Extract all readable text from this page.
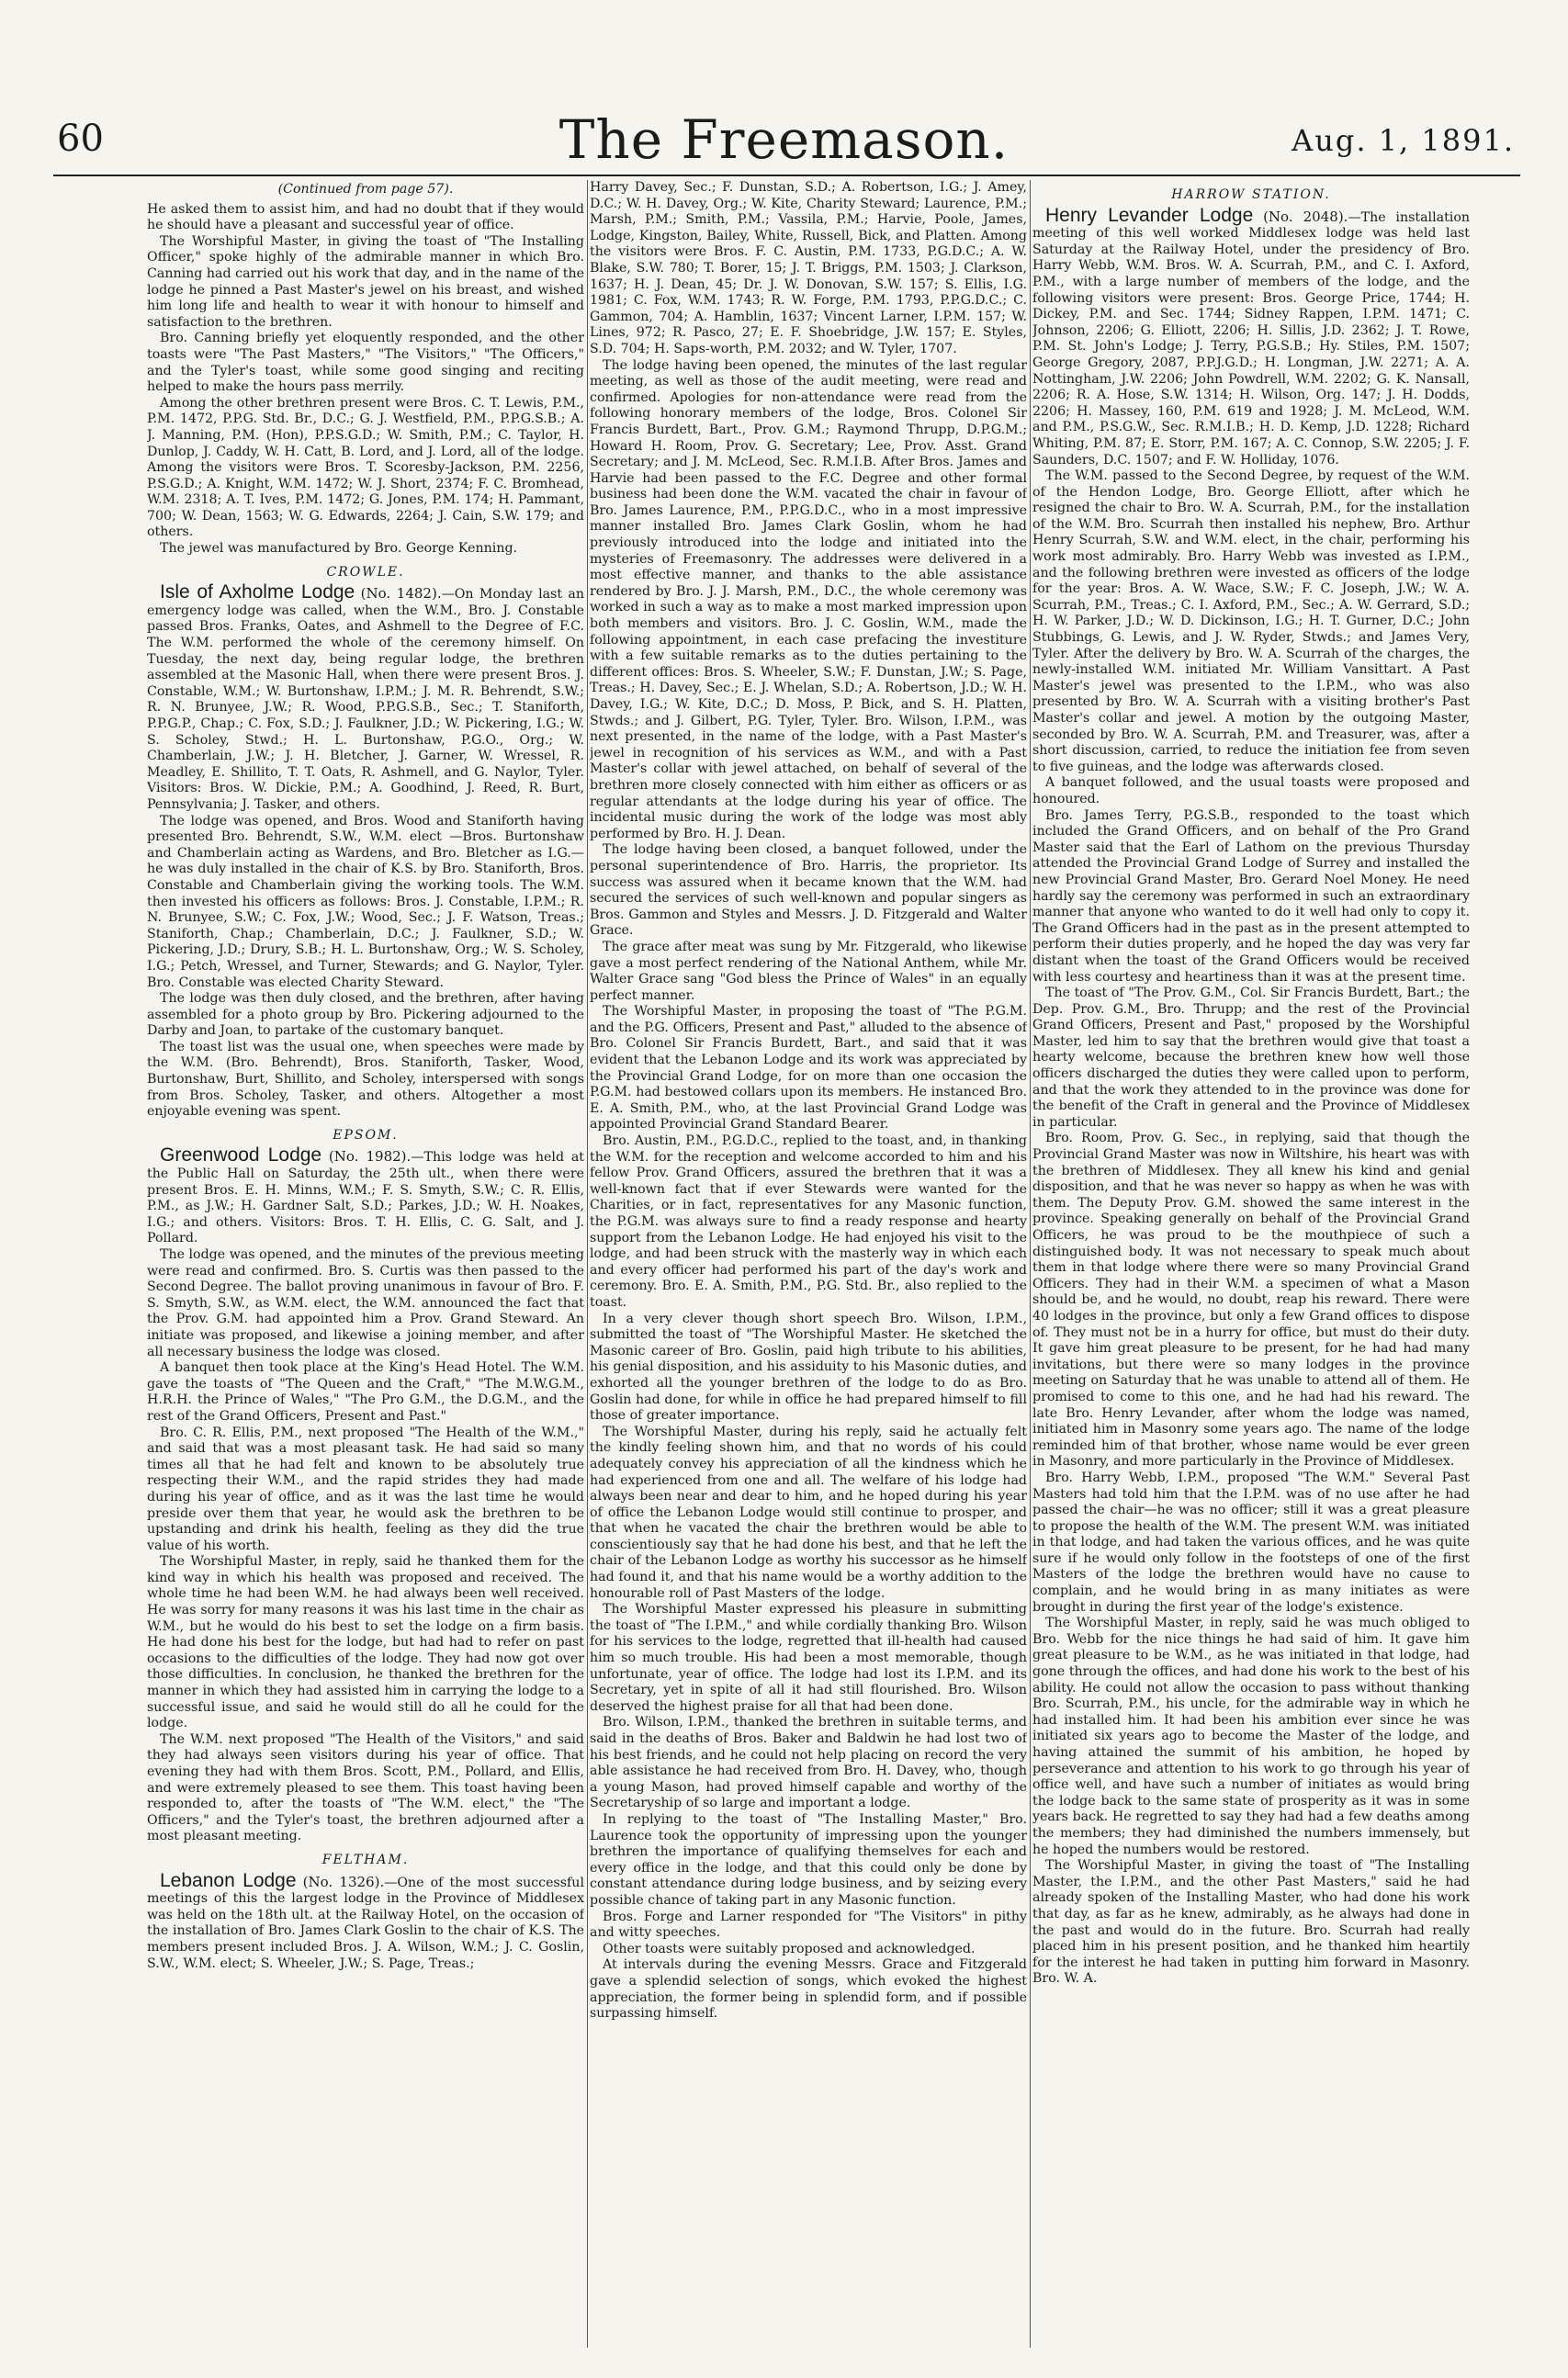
60	The Freemason.	Aug. 1, 1891.
(Continued from page 57).

He asked them to assist him, and had no doubt that if they would he should have a pleasant and successful year of office.

The Worshipful Master, in giving the toast of "The Installing Officer," spoke highly of the admirable manner in which Bro. Canning had carried out his work that day, and in the name of the lodge he pinned a Past Master's jewel on his breast, and wished him long life and health to wear it with honour to himself and satisfaction to the brethren.

Bro. Canning briefly yet eloquently responded, and the other toasts were "The Past Masters," "The Visitors," "The Officers," and the Tyler's toast, while some good singing and reciting helped to make the hours pass merrily.

Among the other brethren present were Bros. C. T. Lewis, P.M., P.M. 1472, P.P.G. Std. Br., D.C.; G. J. Westfield, P.M., P.P.G.S.B.; A. J. Manning, P.M. (Hon), P.P.S.G.D.; W. Smith, P.M.; C. Taylor, H. Dunlop, J. Caddy, W. H. Catt, B. Lord, and J. Lord, all of the lodge. Among the visitors were Bros. T. Scoresby-Jackson, P.M. 2256, P.S.G.D.; A. Knight, W.M. 1472; W. J. Short, 2374; F. C. Bromhead, W.M. 2318; A. T. Ives, P.M. 1472; G. Jones, P.M. 174; H. Pammant, 700; W. Dean, 1563; W. G. Edwards, 2264; J. Cain, S.W. 179; and others.

The jewel was manufactured by Bro. George Kenning.

CROWLE.

Isle of Axholme Lodge (No. 1482).—On Monday last an emergency lodge was called, when the W.M., Bro. J. Constable passed Bros. Franks, Oates, and Ashmell to the Degree of F.C. The W.M. performed the whole of the ceremony himself. On Tuesday, the next day, being regular lodge, the brethren assembled at the Masonic Hall, when there were present Bros. J. Constable, W.M.; W. Burtonshaw, I.P.M.; J. M. R. Behrendt, S.W.; R. N. Brunyee, J.W.; R. Wood, P.P.G.S.B., Sec.; T. Staniforth, P.P.G.P., Chap.; C. Fox, S.D.; J. Faulkner, J.D.; W. Pickering, I.G.; W. S. Scholey, Stwd.; H. L. Burtonshaw, P.G.O., Org.; W. Chamberlain, J.W.; J. H. Bletcher, J. Garner, W. Wressel, R. Meadley, E. Shillito, T. T. Oats, R. Ashmell, and G. Naylor, Tyler. Visitors: Bros. W. Dickie, P.M.; A. Goodhind, J. Reed, R. Burt, Pennsylvania; J. Tasker, and others.

The lodge was opened, and Bros. Wood and Staniforth having presented Bro. Behrendt, S.W., W.M. elect —Bros. Burtonshaw and Chamberlain acting as Wardens, and Bro. Bletcher as I.G.—he was duly installed in the chair of K.S. by Bro. Staniforth, Bros. Constable and Chamberlain giving the working tools. The W.M. then invested his officers as follows: Bros. J. Constable, I.P.M.; R. N. Brunyee, S.W.; C. Fox, J.W.; Wood, Sec.; J. F. Watson, Treas.; Staniforth, Chap.; Chamberlain, D.C.; J. Faulkner, S.D.; W. Pickering, J.D.; Drury, S.B.; H. L. Burtonshaw, Org.; W. S. Scholey, I.G.; Petch, Wressel, and Turner, Stewards; and G. Naylor, Tyler. Bro. Constable was elected Charity Steward.

The lodge was then duly closed, and the brethren, after having assembled for a photo group by Bro. Pickering adjourned to the Darby and Joan, to partake of the customary banquet.

The toast list was the usual one, when speeches were made by the W.M. (Bro. Behrendt), Bros. Staniforth, Tasker, Wood, Burtonshaw, Burt, Shillito, and Scholey, interspersed with songs from Bros. Scholey, Tasker, and others. Altogether a most enjoyable evening was spent.

EPSOM.

Greenwood Lodge (No. 1982).—This lodge was held at the Public Hall on Saturday, the 25th ult., when there were present Bros. E. H. Minns, W.M.; F. S. Smyth, S.W.; C. R. Ellis, P.M., as J.W.; H. Gardner Salt, S.D.; Parkes, J.D.; W. H. Noakes, I.G.; and others. Visitors: Bros. T. H. Ellis, C. G. Salt, and J. Pollard.

The lodge was opened, and the minutes of the previous meeting were read and confirmed. Bro. S. Curtis was then passed to the Second Degree. The ballot proving unanimous in favour of Bro. F. S. Smyth, S.W., as W.M. elect, the W.M. announced the fact that the Prov. G.M. had appointed him a Prov. Grand Steward. An initiate was proposed, and likewise a joining member, and after all necessary business the lodge was closed.

A banquet then took place at the King's Head Hotel. The W.M. gave the toasts of "The Queen and the Craft," "The M.W.G.M., H.R.H. the Prince of Wales," "The Pro G.M., the D.G.M., and the rest of the Grand Officers, Present and Past."

Bro. C. R. Ellis, P.M., next proposed "The Health of the W.M.," and said that was a most pleasant task. He had said so many times all that he had felt and known to be absolutely true respecting their W.M., and the rapid strides they had made during his year of office, and as it was the last time he would preside over them that year, he would ask the brethren to be upstanding and drink his health, feeling as they did the true value of his worth.

The Worshipful Master, in reply, said he thanked them for the kind way in which his health was proposed and received. The whole time he had been W.M. he had always been well received. He was sorry for many reasons it was his last time in the chair as W.M., but he would do his best to set the lodge on a firm basis. He had done his best for the lodge, but had had to refer on past occasions to the difficulties of the lodge. They had now got over those difficulties. In conclusion, he thanked the brethren for the manner in which they had assisted him in carrying the lodge to a successful issue, and said he would still do all he could for the lodge.

The W.M. next proposed "The Health of the Visitors," and said they had always seen visitors during his year of office. That evening they had with them Bros. Scott, P.M., Pollard, and Ellis, and were extremely pleased to see them. This toast having been responded to, after the toasts of "The W.M. elect," the "The Officers," and the Tyler's toast, the brethren adjourned after a most pleasant meeting.

FELTHAM.

Lebanon Lodge (No. 1326).—One of the most successful meetings of this the largest lodge in the Province of Middlesex was held on the 18th ult. at the Railway Hotel, on the occasion of the installation of Bro. James Clark Goslin to the chair of K.S. The members present included Bros. J. A. Wilson, W.M.; J. C. Goslin, S.W., W.M. elect; S. Wheeler, J.W.; S. Page, Treas.;

Harry Davey, Sec.; F. Dunstan, S.D.; A. Robertson, I.G.; J. Amey, D.C.; W. H. Davey, Org.; W. Kite, Charity Steward; Laurence, P.M.; Marsh, P.M.; Smith, P.M.; Vassila, P.M.; Harvie, Poole, James, Lodge, Kingston, Bailey, White, Russell, Bick, and Platten. Among the visitors were Bros. F. C. Austin, P.M. 1733, P.G.D.C.; A. W. Blake, S.W. 780; T. Borer, 15; J. T. Briggs, P.M. 1503; J. Clarkson, 1637; H. J. Dean, 45; Dr. J. W. Donovan, S.W. 157; S. Ellis, I.G. 1981; C. Fox, W.M. 1743; R. W. Forge, P.M. 1793, P.P.G.D.C.; C. Gammon, 704; A. Hamblin, 1637; Vincent Larner, I.P.M. 157; W. Lines, 972; R. Pasco, 27; E. F. Shoebridge, J.W. 157; E. Styles, S.D. 704; H. Saps-worth, P.M. 2032; and W. Tyler, 1707.

The lodge having been opened, the minutes of the last regular meeting, as well as those of the audit meeting, were read and confirmed. Apologies for non-attendance were read from the following honorary members of the lodge, Bros. Colonel Sir Francis Burdett, Bart., Prov. G.M.; Raymond Thrupp, D.P.G.M.; Howard H. Room, Prov. G. Secretary; Lee, Prov. Asst. Grand Secretary; and J. M. McLeod, Sec. R.M.I.B. After Bros. James and Harvie had been passed to the F.C. Degree and other formal business had been done the W.M. vacated the chair in favour of Bro. James Laurence, P.M., P.P.G.D.C., who in a most impressive manner installed Bro. James Clark Goslin, whom he had previously introduced into the lodge and initiated into the mysteries of Freemasonry. The addresses were delivered in a most effective manner, and thanks to the able assistance rendered by Bro. J. J. Marsh, P.M., D.C., the whole ceremony was worked in such a way as to make a most marked impression upon both members and visitors. Bro. J. C. Goslin, W.M., made the following appointment, in each case prefacing the investiture with a few suitable remarks as to the duties pertaining to the different offices: Bros. S. Wheeler, S.W.; F. Dunstan, J.W.; S. Page, Treas.; H. Davey, Sec.; E. J. Whelan, S.D.; A. Robertson, J.D.; W. H. Davey, I.G.; W. Kite, D.C.; D. Moss, P. Bick, and S. H. Platten, Stwds.; and J. Gilbert, P.G. Tyler, Tyler. Bro. Wilson, I.P.M., was next presented, in the name of the lodge, with a Past Master's jewel in recognition of his services as W.M., and with a Past Master's collar with jewel attached, on behalf of several of the brethren more closely connected with him either as officers or as regular attendants at the lodge during his year of office. The incidental music during the work of the lodge was most ably performed by Bro. H. J. Dean.

The lodge having been closed, a banquet followed, under the personal superintendence of Bro. Harris, the proprietor. Its success was assured when it became known that the W.M. had secured the services of such well-known and popular singers as Bros. Gammon and Styles and Messrs. J. D. Fitzgerald and Walter Grace.

The grace after meat was sung by Mr. Fitzgerald, who likewise gave a most perfect rendering of the National Anthem, while Mr. Walter Grace sang "God bless the Prince of Wales" in an equally perfect manner.

The Worshipful Master, in proposing the toast of "The P.G.M. and the P.G. Officers, Present and Past," alluded to the absence of Bro. Colonel Sir Francis Burdett, Bart., and said that it was evident that the Lebanon Lodge and its work was appreciated by the Provincial Grand Lodge, for on more than one occasion the P.G.M. had bestowed collars upon its members. He instanced Bro. E. A. Smith, P.M., who, at the last Provincial Grand Lodge was appointed Provincial Grand Standard Bearer.

Bro. Austin, P.M., P.G.D.C., replied to the toast, and, in thanking the W.M. for the reception and welcome accorded to him and his fellow Prov. Grand Officers, assured the brethren that it was a well-known fact that if ever Stewards were wanted for the Charities, or in fact, representatives for any Masonic function, the P.G.M. was always sure to find a ready response and hearty support from the Lebanon Lodge. He had enjoyed his visit to the lodge, and had been struck with the masterly way in which each and every officer had performed his part of the day's work and ceremony. Bro. E. A. Smith, P.M., P.G. Std. Br., also replied to the toast.

In a very clever though short speech Bro. Wilson, I.P.M., submitted the toast of "The Worshipful Master. He sketched the Masonic career of Bro. Goslin, paid high tribute to his abilities, his genial disposition, and his assiduity to his Masonic duties, and exhorted all the younger brethren of the lodge to do as Bro. Goslin had done, for while in office he had prepared himself to fill those of greater importance.

The Worshipful Master, during his reply, said he actually felt the kindly feeling shown him, and that no words of his could adequately convey his appreciation of all the kindness which he had experienced from one and all. The welfare of his lodge had always been near and dear to him, and he hoped during his year of office the Lebanon Lodge would still continue to prosper, and that when he vacated the chair the brethren would be able to conscientiously say that he had done his best, and that he left the chair of the Lebanon Lodge as worthy his successor as he himself had found it, and that his name would be a worthy addition to the honourable roll of Past Masters of the lodge.

The Worshipful Master expressed his pleasure in submitting the toast of "The I.P.M.," and while cordially thanking Bro. Wilson for his services to the lodge, regretted that ill-health had caused him so much trouble. His had been a most memorable, though unfortunate, year of office. The lodge had lost its I.P.M. and its Secretary, yet in spite of all it had still flourished. Bro. Wilson deserved the highest praise for all that had been done.

Bro. Wilson, I.P.M., thanked the brethren in suitable terms, and said in the deaths of Bros. Baker and Baldwin he had lost two of his best friends, and he could not help placing on record the very able assistance he had received from Bro. H. Davey, who, though a young Mason, had proved himself capable and worthy of the Secretaryship of so large and important a lodge.

In replying to the toast of "The Installing Master," Bro. Laurence took the opportunity of impressing upon the younger brethren the importance of qualifying themselves for each and every office in the lodge, and that this could only be done by constant attendance during lodge business, and by seizing every possible chance of taking part in any Masonic function.

Bros. Forge and Larner responded for "The Visitors" in pithy and witty speeches.

Other toasts were suitably proposed and acknowledged.

At intervals during the evening Messrs. Grace and Fitzgerald gave a splendid selection of songs, which evoked the highest appreciation, the former being in splendid form, and if possible surpassing himself.

HARROW STATION.

Henry Levander Lodge (No. 2048).—The installation meeting of this well worked Middlesex lodge was held last Saturday at the Railway Hotel, under the presidency of Bro. Harry Webb, W.M. Bros. W. A. Scurrah, P.M., and C. I. Axford, P.M., with a large number of members of the lodge, and the following visitors were present: Bros. George Price, 1744; H. Dickey, P.M. and Sec. 1744; Sidney Rappen, I.P.M. 1471; C. Johnson, 2206; G. Elliott, 2206; H. Sillis, J.D. 2362; J. T. Rowe, P.M. St. John's Lodge; J. Terry, P.G.S.B.; Hy. Stiles, P.M. 1507; George Gregory, 2087, P.P.J.G.D.; H. Longman, J.W. 2271; A. A. Nottingham, J.W. 2206; John Powdrell, W.M. 2202; G. K. Nansall, 2206; R. A. Hose, S.W. 1314; H. Wilson, Org. 147; J. H. Dodds, 2206; H. Massey, 160, P.M. 619 and 1928; J. M. McLeod, W.M. and P.M., P.S.G.W., Sec. R.M.I.B.; H. D. Kemp, J.D. 1228; Richard Whiting, P.M. 87; E. Storr, P.M. 167; A. C. Connop, S.W. 2205; J. F. Saunders, D.C. 1507; and F. W. Holliday, 1076.

The W.M. passed to the Second Degree, by request of the W.M. of the Hendon Lodge, Bro. George Elliott, after which he resigned the chair to Bro. W. A. Scurrah, P.M., for the installation of the W.M. Bro. Scurrah then installed his nephew, Bro. Arthur Henry Scurrah, S.W. and W.M. elect, in the chair, performing his work most admirably. Bro. Harry Webb was invested as I.P.M., and the following brethren were invested as officers of the lodge for the year: Bros. A. W. Wace, S.W.; F. C. Joseph, J.W.; W. A. Scurrah, P.M., Treas.; C. I. Axford, P.M., Sec.; A. W. Gerrard, S.D.; H. W. Parker, J.D.; W. D. Dickinson, I.G.; H. T. Gurner, D.C.; John Stubbings, G. Lewis, and J. W. Ryder, Stwds.; and James Very, Tyler. After the delivery by Bro. W. A. Scurrah of the charges, the newly-installed W.M. initiated Mr. William Vansittart. A Past Master's jewel was presented to the I.P.M., who was also presented by Bro. W. A. Scurrah with a visiting brother's Past Master's collar and jewel. A motion by the outgoing Master, seconded by Bro. W. A. Scurrah, P.M. and Treasurer, was, after a short discussion, carried, to reduce the initiation fee from seven to five guineas, and the lodge was afterwards closed.

A banquet followed, and the usual toasts were proposed and honoured.

Bro. James Terry, P.G.S.B., responded to the toast which included the Grand Officers, and on behalf of the Pro Grand Master said that the Earl of Lathom on the previous Thursday attended the Provincial Grand Lodge of Surrey and installed the new Provincial Grand Master, Bro. Gerard Noel Money. He need hardly say the ceremony was performed in such an extraordinary manner that anyone who wanted to do it well had only to copy it. The Grand Officers had in the past as in the present attempted to perform their duties properly, and he hoped the day was very far distant when the toast of the Grand Officers would be received with less courtesy and heartiness than it was at the present time.

The toast of "The Prov. G.M., Col. Sir Francis Burdett, Bart.; the Dep. Prov. G.M., Bro. Thrupp; and the rest of the Provincial Grand Officers, Present and Past," proposed by the Worshipful Master, led him to say that the brethren would give that toast a hearty welcome, because the brethren knew how well those officers discharged the duties they were called upon to perform, and that the work they attended to in the province was done for the benefit of the Craft in general and the Province of Middlesex in particular.

Bro. Room, Prov. G. Sec., in replying, said that though the Provincial Grand Master was now in Wiltshire, his heart was with the brethren of Middlesex. They all knew his kind and genial disposition, and that he was never so happy as when he was with them. The Deputy Prov. G.M. showed the same interest in the province. Speaking generally on behalf of the Provincial Grand Officers, he was proud to be the mouthpiece of such a distinguished body. It was not necessary to speak much about them in that lodge where there were so many Provincial Grand Officers. They had in their W.M. a specimen of what a Mason should be, and he would, no doubt, reap his reward. There were 40 lodges in the province, but only a few Grand offices to dispose of. They must not be in a hurry for office, but must do their duty. It gave him great pleasure to be present, for he had had many invitations, but there were so many lodges in the province meeting on Saturday that he was unable to attend all of them. He promised to come to this one, and he had had his reward. The late Bro. Henry Levander, after whom the lodge was named, initiated him in Masonry some years ago. The name of the lodge reminded him of that brother, whose name would be ever green in Masonry, and more particularly in the Province of Middlesex.

Bro. Harry Webb, I.P.M., proposed "The W.M." Several Past Masters had told him that the I.P.M. was of no use after he had passed the chair—he was no officer; still it was a great pleasure to propose the health of the W.M. The present W.M. was initiated in that lodge, and had taken the various offices, and he was quite sure if he would only follow in the footsteps of one of the first Masters of the lodge the brethren would have no cause to complain, and he would bring in as many initiates as were brought in during the first year of the lodge's existence.

The Worshipful Master, in reply, said he was much obliged to Bro. Webb for the nice things he had said of him. It gave him great pleasure to be W.M., as he was initiated in that lodge, had gone through the offices, and had done his work to the best of his ability. He could not allow the occasion to pass without thanking Bro. Scurrah, P.M., his uncle, for the admirable way in which he had installed him. It had been his ambition ever since he was initiated six years ago to become the Master of the lodge, and having attained the summit of his ambition, he hoped by perseverance and attention to his work to go through his year of office well, and have such a number of initiates as would bring the lodge back to the same state of prosperity as it was in some years back. He regretted to say they had had a few deaths among the members; they had diminished the numbers immensely, but he hoped the numbers would be restored.

The Worshipful Master, in giving the toast of "The Installing Master, the I.P.M., and the other Past Masters," said he had already spoken of the Installing Master, who had done his work that day, as far as he knew, admirably, as he always had done in the past and would do in the future. Bro. Scurrah had really placed him in his present position, and he thanked him heartily for the interest he had taken in putting him forward in Masonry. Bro. W. A.
